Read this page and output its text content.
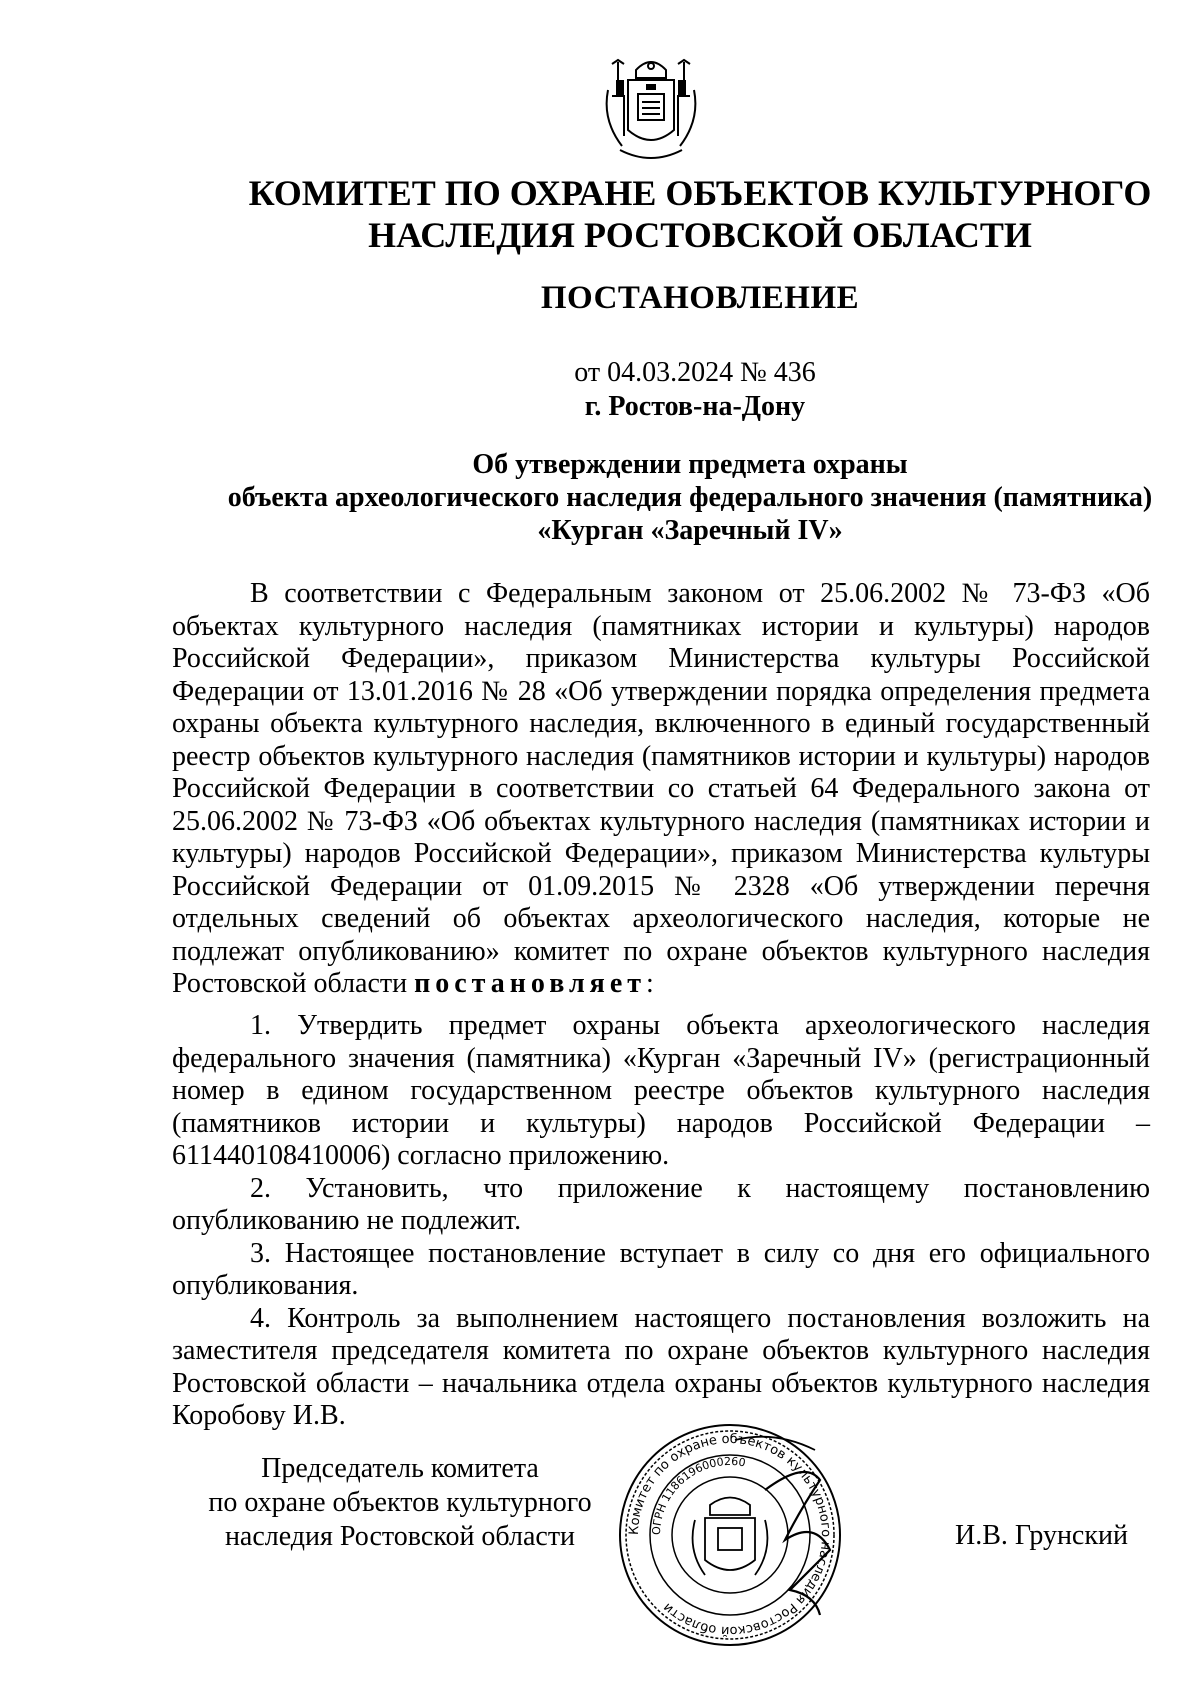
КОМИТЕТ ПО ОХРАНЕ ОБЪЕКТОВ КУЛЬТУРНОГО
НАСЛЕДИЯ РОСТОВСКОЙ ОБЛАСТИ
ПОСТАНОВЛЕНИЕ
от 04.03.2024 № 436
г. Ростов-на-Дону
Об утверждении предмета охраны
объекта археологического наследия федерального значения (памятника)
«Курган «Заречный IV»

В соответствии с Федеральным законом от 25.06.2002 № 73-ФЗ «Об объектах культурного наследия (памятниках истории и культуры) народов Российской Федерации», приказом Министерства культуры Российской Федерации от 13.01.2016 № 28 «Об утверждении порядка определения предмета охраны объекта культурного наследия, включенного в единый государственный реестр объектов культурного наследия (памятников истории и культуры) народов Российской Федерации в соответствии со статьей 64 Федерального закона от 25.06.2002 № 73-ФЗ «Об объектах культурного наследия (памятниках истории и культуры) народов Российской Федерации», приказом Министерства культуры Российской Федерации от 01.09.2015 № 2328 «Об утверждении перечня отдельных сведений об объектах археологического наследия, которые не подлежат опубликованию» комитет по охране объектов культурного наследия Ростовской области постановляет:

1. Утвердить предмет охраны объекта археологического наследия федерального значения (памятника) «Курган «Заречный IV» (регистрационный номер в едином государственном реестре объектов культурного наследия (памятников истории и культуры) народов Российской Федерации – 611440108410006) согласно приложению.

2. Установить, что приложение к настоящему постановлению опубликованию не подлежит.

3. Настоящее постановление вступает в силу со дня его официального опубликования.

4. Контроль за выполнением настоящего постановления возложить на заместителя председателя комитета по охране объектов культурного наследия Ростовской области – начальника отдела охраны объектов культурного наследия Коробову И.В.

Председатель комитета
по охране объектов культурного
наследия Ростовской области	Комитет по охране объектов культурного наследия Ростовской области
ОГРН 1186196000260
И.В. Грунский
